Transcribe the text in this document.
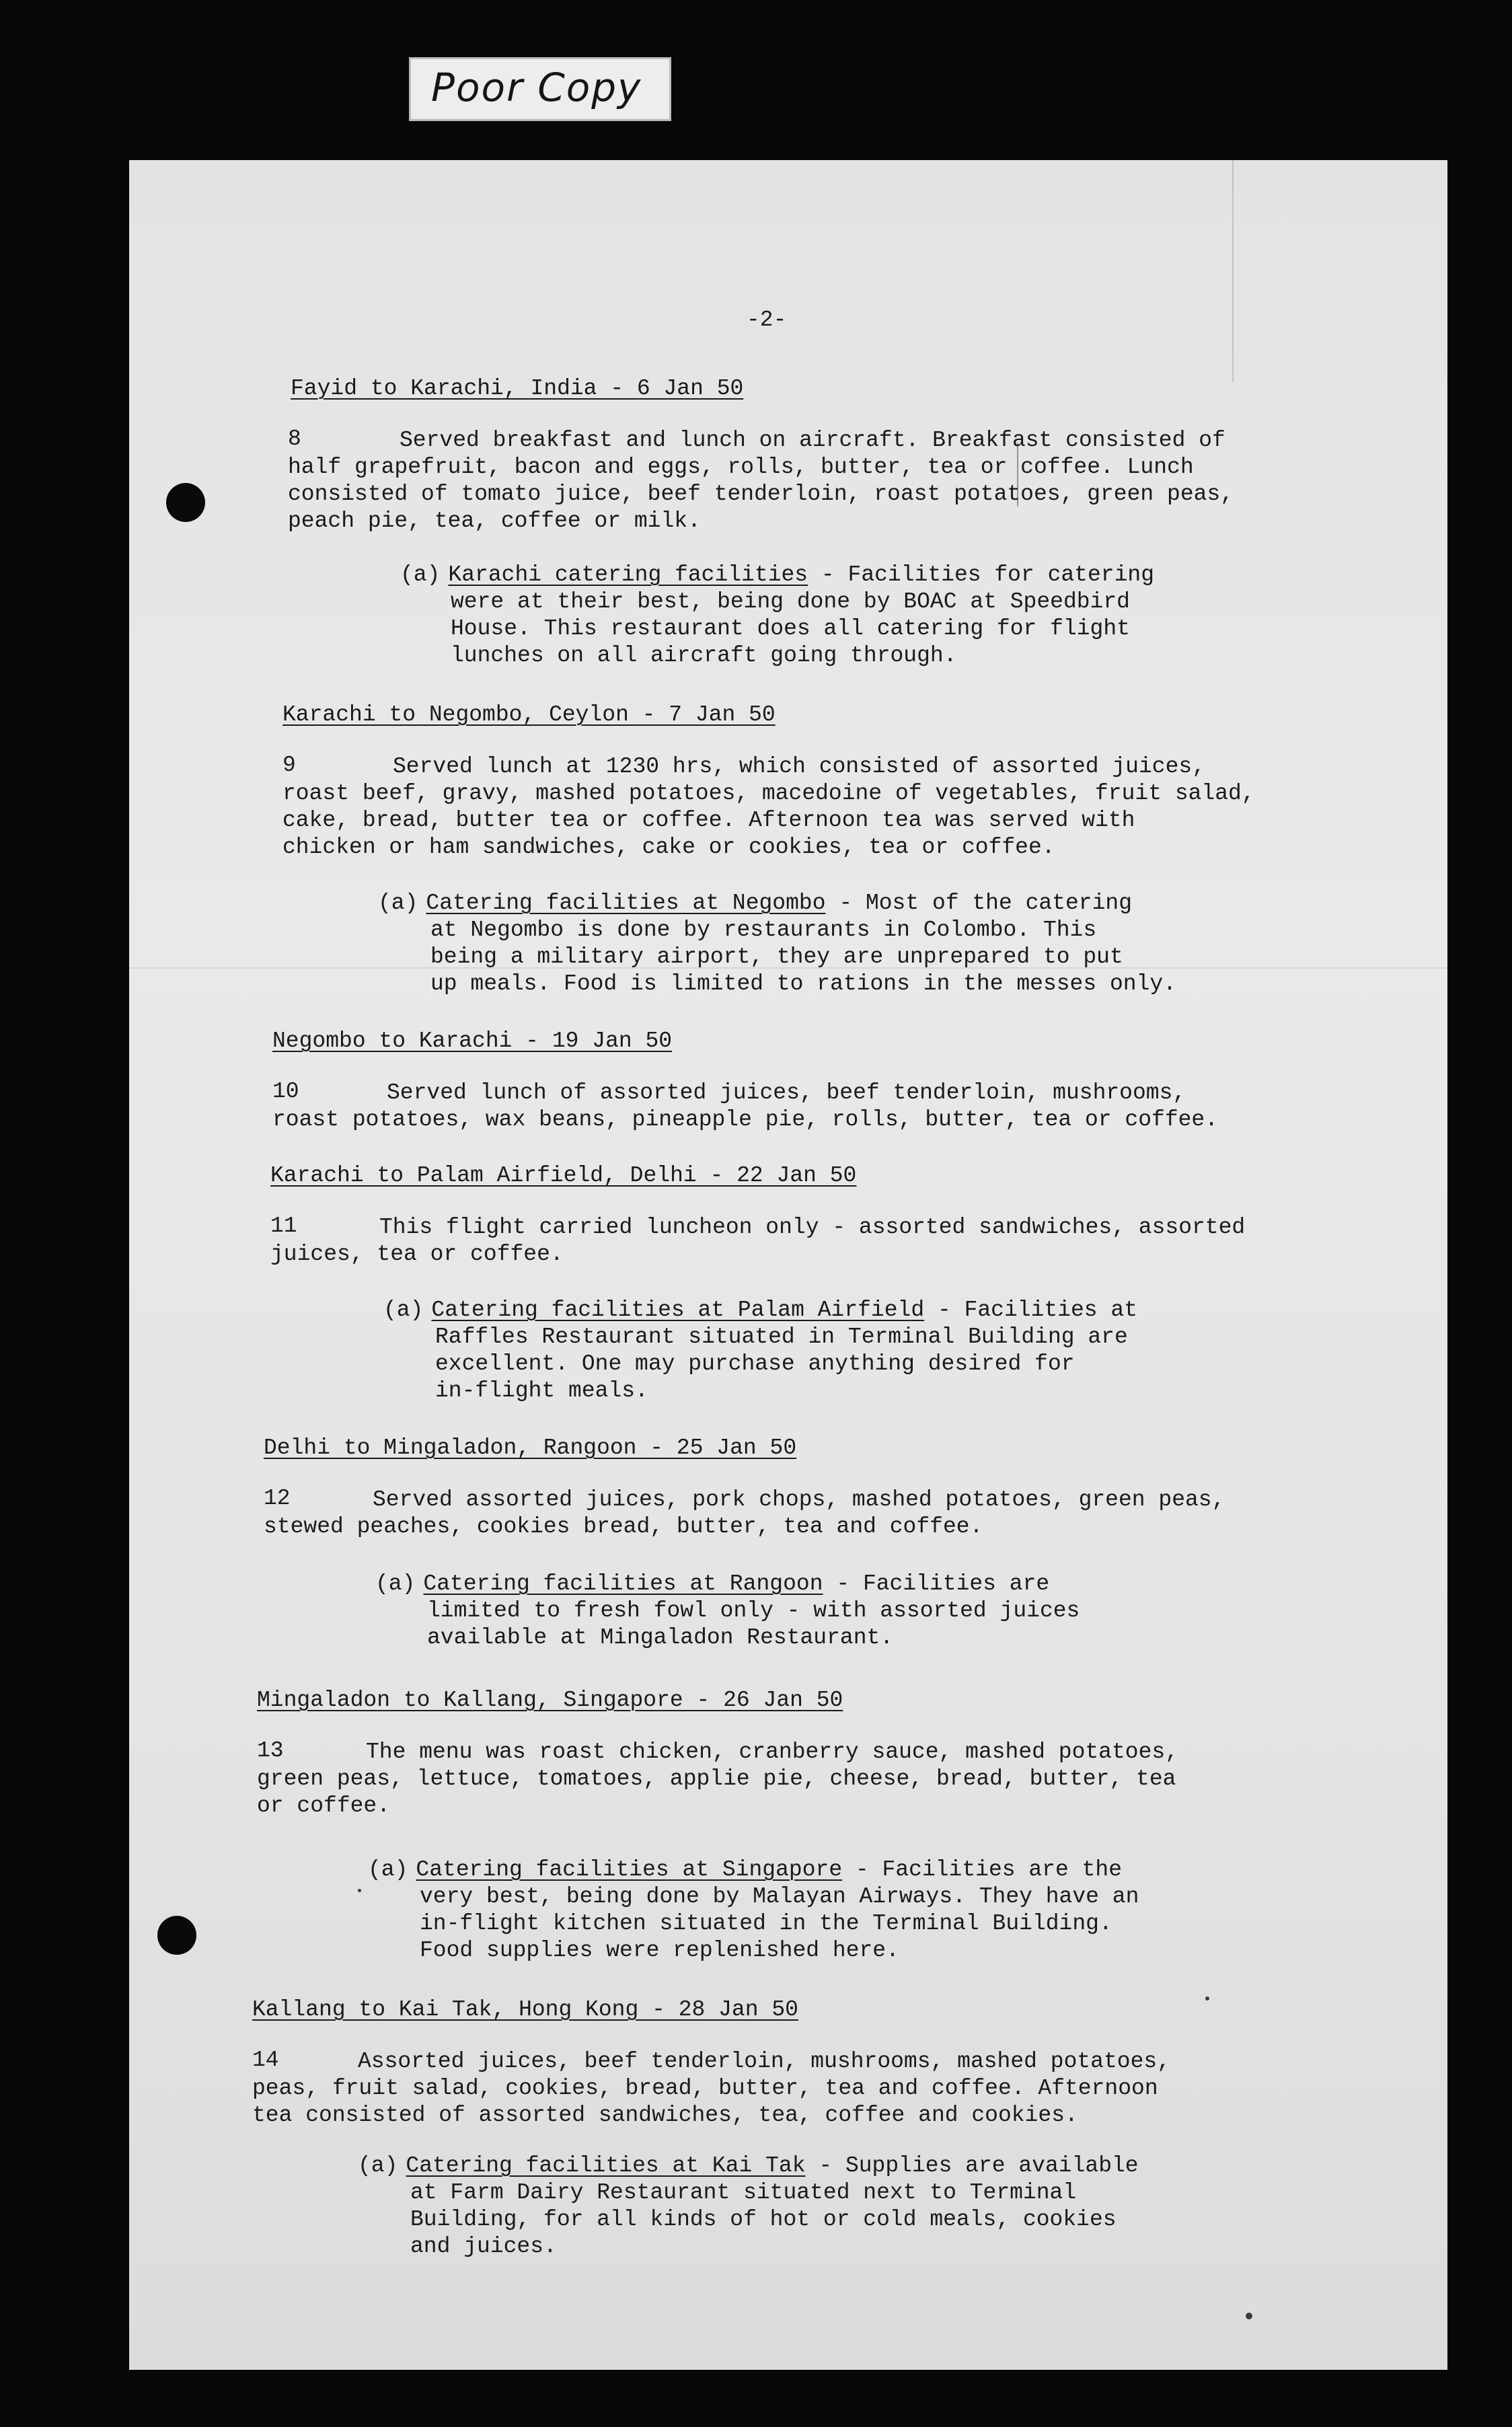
Poor Copy
-2-
Fayid to Karachi, India - 6 Jan 50
8	Served breakfast and lunch on aircraft. Breakfast consisted of
half grapefruit, bacon and eggs, rolls, butter, tea or coffee. Lunch
consisted of tomato juice, beef tenderloin, roast potatoes, green peas,
peach pie, tea, coffee or milk.
(a) Karachi catering facilities - Facilities for catering
were at their best, being done by BOAC at Speedbird
House. This restaurant does all catering for flight
lunches on all aircraft going through.
Karachi to Negombo, Ceylon - 7 Jan 50
9	Served lunch at 1230 hrs, which consisted of assorted juices,
roast beef, gravy, mashed potatoes, macedoine of vegetables, fruit salad,
cake, bread, butter tea or coffee. Afternoon tea was served with
chicken or ham sandwiches, cake or cookies, tea or coffee.
(a) Catering facilities at Negombo - Most of the catering
at Negombo is done by restaurants in Colombo. This
being a military airport, they are unprepared to put
up meals. Food is limited to rations in the messes only.
Negombo to Karachi - 19 Jan 50
10	Served lunch of assorted juices, beef tenderloin, mushrooms,
roast potatoes, wax beans, pineapple pie, rolls, butter, tea or coffee.
Karachi to Palam Airfield, Delhi - 22 Jan 50
11	This flight carried luncheon only - assorted sandwiches, assorted
juices, tea or coffee.
(a) Catering facilities at Palam Airfield - Facilities at
Raffles Restaurant situated in Terminal Building are
excellent. One may purchase anything desired for
in-flight meals.
Delhi to Mingaladon, Rangoon - 25 Jan 50
12	Served assorted juices, pork chops, mashed potatoes, green peas,
stewed peaches, cookies bread, butter, tea and coffee.
(a) Catering facilities at Rangoon - Facilities are
limited to fresh fowl only - with assorted juices
available at Mingaladon Restaurant.
Mingaladon to Kallang, Singapore - 26 Jan 50
13	The menu was roast chicken, cranberry sauce, mashed potatoes,
green peas, lettuce, tomatoes, applie pie, cheese, bread, butter, tea
or coffee.
(a) Catering facilities at Singapore - Facilities are the
very best, being done by Malayan Airways. They have an
in-flight kitchen situated in the Terminal Building.
Food supplies were replenished here.
Kallang to Kai Tak, Hong Kong - 28 Jan 50
14	Assorted juices, beef tenderloin, mushrooms, mashed potatoes,
peas, fruit salad, cookies, bread, butter, tea and coffee. Afternoon
tea consisted of assorted sandwiches, tea, coffee and cookies.
(a) Catering facilities at Kai Tak - Supplies are available
at Farm Dairy Restaurant situated next to Terminal
Building, for all kinds of hot or cold meals, cookies
and juices.
